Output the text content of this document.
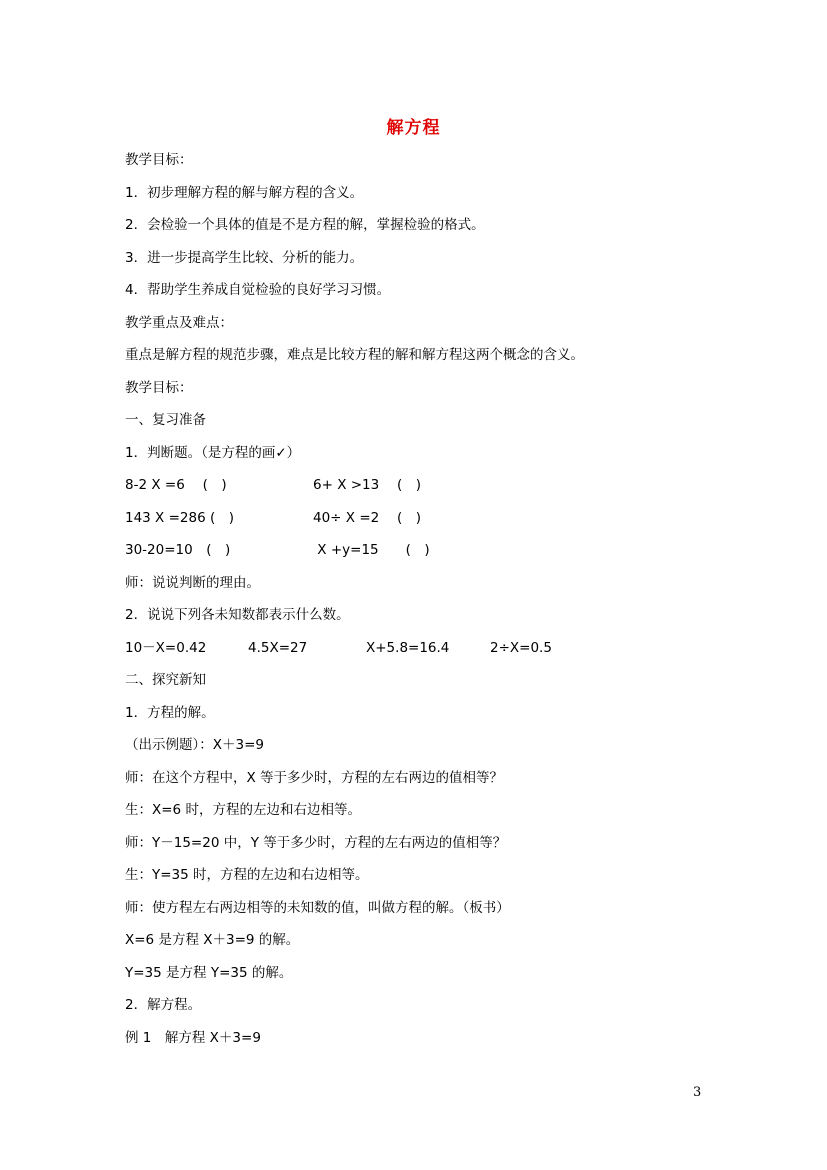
解方程
教学目标：
1．初步理解方程的解与解方程的含义。
2．会检验一个具体的值是不是方程的解，掌握检验的格式。
3．进一步提高学生比较、分析的能力。
4．帮助学生养成自觉检验的良好学习习惯。
教学重点及难点：
重点是解方程的规范步骤，难点是比较方程的解和解方程这两个概念的含义。
教学目标：
一、复习准备
1．判断题。（是方程的画✓）
8-2 X =6　 (　)	6+ X >13　 (　)
143 X =286 (　)	40÷ X =2　 (　)
30-20=10　(　)	X +y=15　　(　)
师：说说判断的理由。
2．说说下列各未知数都表示什么数。
10－X=0.42	4.5X=27	X+5.8=16.4	2÷X=0.5
二、探究新知
1．方程的解。
（出示例题）：X＋3=9
师：在这个方程中，X 等于多少时，方程的左右两边的值相等？
生：X=6 时，方程的左边和右边相等。
师：Y－15=20 中，Y 等于多少时，方程的左右两边的值相等？
生：Y=35 时，方程的左边和右边相等。
师：使方程左右两边相等的未知数的值，叫做方程的解。（板书）
X=6 是方程 X＋3=9 的解。
Y=35 是方程 Y=35 的解。
2．解方程。
例 1　解方程 X＋3=9
3
